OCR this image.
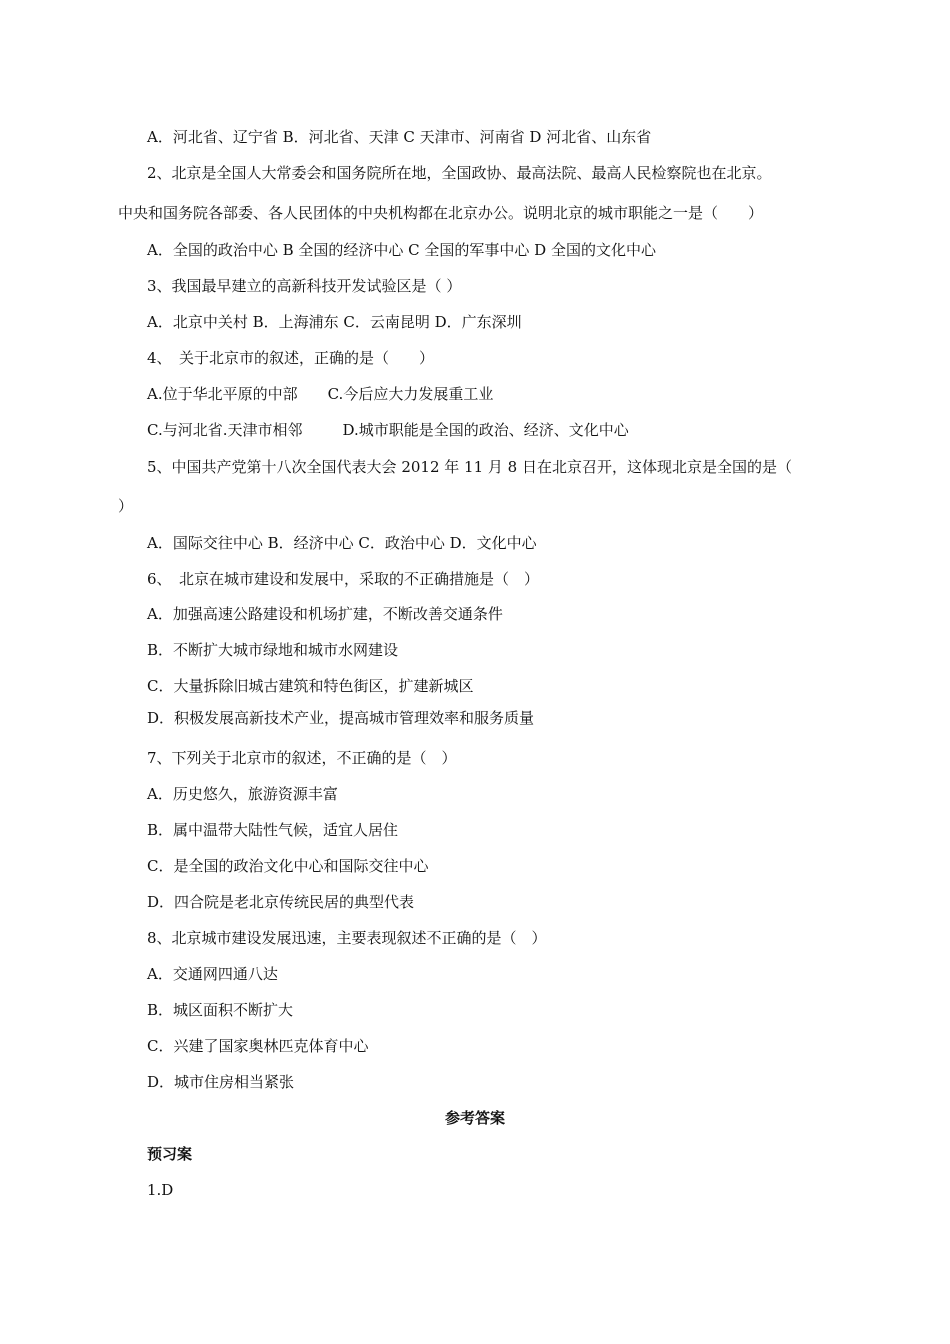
A．河北省、辽宁省 B．河北省、天津 C 天津市、河南省 D 河北省、山东省
2、北京是全国人大常委会和国务院所在地，全国政协、最高法院、最高人民检察院也在北京。
中央和国务院各部委、各人民团体的中央机构都在北京办公。说明北京的城市职能之一是（　　）
A．全国的政治中心 B 全国的经济中心 C 全国的军事中心 D 全国的文化中心
3、我国最早建立的高新科技开发试验区是（ ）
A．北京中关村 B．上海浦东 C．云南昆明 D．广东深圳
4、　关于北京市的叙述，正确的是（　　）
A.位于华北平原的中部 C.今后应大力发展重工业
C.与河北省.天津市相邻	D.城市职能是全国的政治、经济、文化中心
5、中国共产党第十八次全国代表大会 2012 年 11 月 8 日在北京召开，这体现北京是全国的是（
）
A．国际交往中心 B．经济中心 C．政治中心 D．文化中心
6、　北京在城市建设和发展中，采取的不正确措施是（　）
A．加强高速公路建设和机场扩建，不断改善交通条件
B．不断扩大城市绿地和城市水网建设
C．大量拆除旧城古建筑和特色街区，扩建新城区
D．积极发展高新技术产业，提高城市管理效率和服务质量
7、下列关于北京市的叙述，不正确的是（　）
A．历史悠久，旅游资源丰富
B．属中温带大陆性气候，适宜人居住
C．是全国的政治文化中心和国际交往中心
D．四合院是老北京传统民居的典型代表
8、北京城市建设发展迅速，主要表现叙述不正确的是（　）
A．交通网四通八达
B．城区面积不断扩大
C．兴建了国家奥林匹克体育中心
D．城市住房相当紧张
参考答案
预习案
1.D
